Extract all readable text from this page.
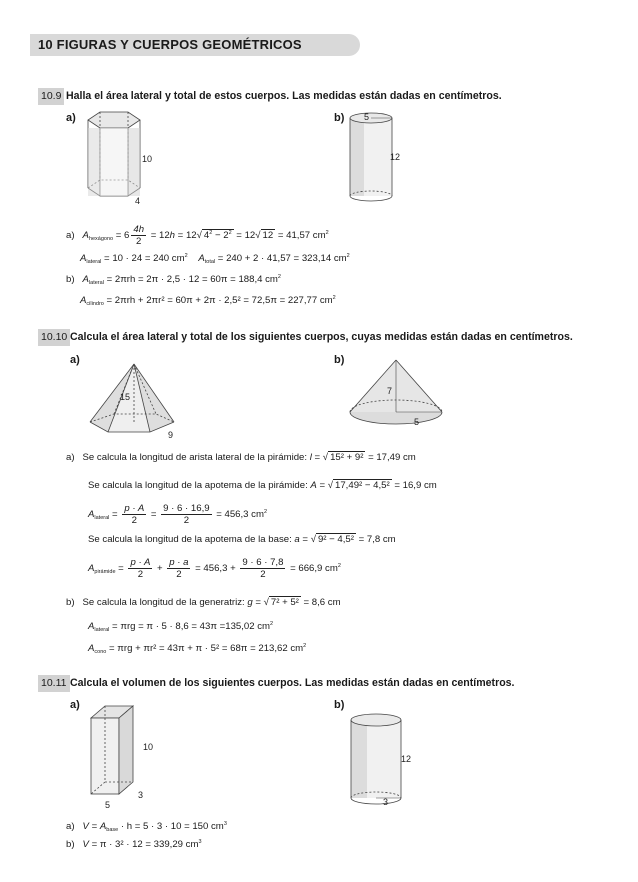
10 FIGURAS Y CUERPOS GEOMÉTRICOS
10.9 Halla el área lateral y total de estos cuerpos. Las medidas están dadas en centímetros.
a)	b)
10
4
5
12
a) $A_{hexágono} = 6 \frac{4h}{2} = 12h = 12√$ $4^2 - 2^2 = 12√$ 12 = 41,57 $cm^2$
$A_{lateral} = 10 \cdot 24 = 240$ $cm^2$ $A_{total} = 240 + 2 \cdot 41,57 = 323,14$ $cm^2$
b) $A_{lateral} = 2\pi rh = 2\pi \cdot 2,5 \cdot 12 = 60\pi = 188,4$ $cm^2$
$A_{cilindro} = 2\pi rh + 2\pi r^2 = 60\pi + 2\pi \cdot 2,5^2 = 72,5\pi = 227,77$ $cm^2$
10.10 Calcula el área lateral y total de los siguientes cuerpos, cuyas medidas están dadas en centímetros.
a)	b)
15
9
7
5
a) Se calcula la longitud de arista lateral de la pirámide: l = √ 15² + 9² = 17,49 cm
Se calcula la longitud de la apotema de la pirámide: A = √ 17,49² − 4,5² = 16,9 cm
$A_{lateral} = \frac{p \cdot A}{2} = \frac{9 \cdot 6 \cdot 16,9}{2} = 456,3$ $cm^2$
Se calcula la longitud de la apotema de la base: a = √ 9² − 4,5² = 7,8 cm
$A_{pirámide} = \frac{p \cdot A}{2} + \frac{p \cdot a}{2} = 456,3 + \frac{9 \cdot 6 \cdot 7,8}{2} = 666,9$ $cm^2$
b) Se calcula la longitud de la generatriz: g = √ 7² + 5² = 8,6 cm
$A_{lateral} = \pi rg = \pi \cdot 5 \cdot 8,6 = 43\pi =135,02$ $cm^2$
$A_{cono} = \pi rg + \pi r^2 = 43\pi + \pi \cdot 5^2 = 68\pi = 213,62$ $cm^2$
10.11 Calcula el volumen de los siguientes cuerpos. Las medidas están dadas en centímetros.
a)	b)
10
5
3
12
3
a) $V = A_{base} \cdot h = 5 \cdot 3 \cdot 10 = 150$ $cm^3$
b) V = π · 3² · 12 = 339,29 $cm^3$
